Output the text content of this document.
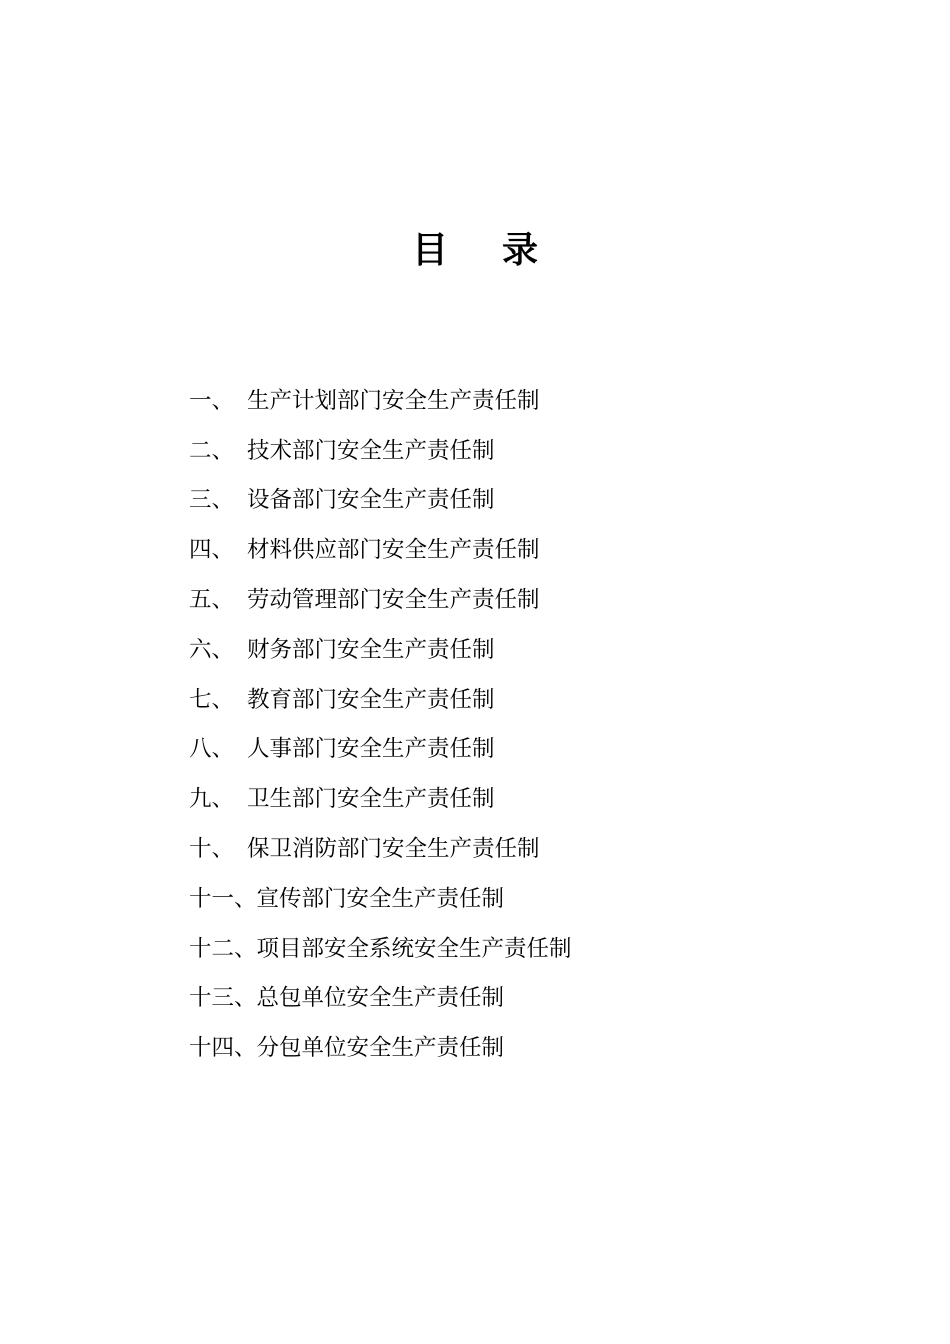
目 录
一、 生产计划部门安全生产责任制
二、 技术部门安全生产责任制
三、 设备部门安全生产责任制
四、 材料供应部门安全生产责任制
五、 劳动管理部门安全生产责任制
六、 财务部门安全生产责任制
七、 教育部门安全生产责任制
八、 人事部门安全生产责任制
九、 卫生部门安全生产责任制
十、 保卫消防部门安全生产责任制
十一、 宣传部门安全生产责任制
十二、 项目部安全系统安全生产责任制
十三、 总包单位安全生产责任制
十四、 分包单位安全生产责任制
